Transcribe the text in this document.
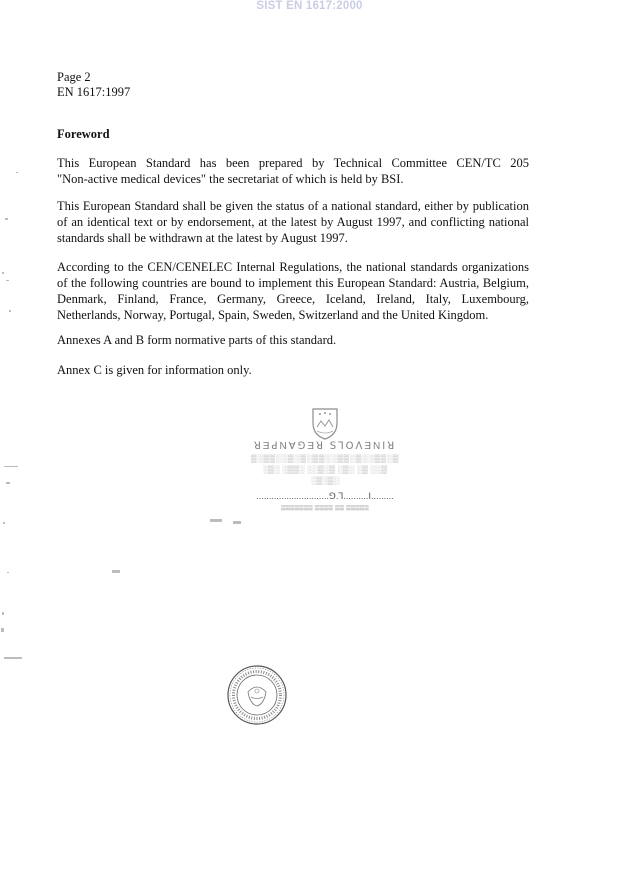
SIST EN 1617:2000
Page 2
EN 1617:1997
Foreword

This European Standard has been prepared by Technical Committee CEN/TC 205
"Non-active medical devices" the secretariat of which is held by BSI.

This European Standard shall be given the status of a national standard, either by publication
of an identical text or by endorsement, at the latest by August 1997, and conflicting national
standards shall be withdrawn at the latest by August 1997.

According to the CEN/CENELEC Internal Regulations, the national standards organizations
of the following countries are bound to implement this European Standard: Austria, Belgium,
Denmark, Finland, France, Germany, Greece, Iceland, Ireland, Italy, Luxembourg,
Netherlands, Norway, Portugal, Spain, Sweden, Switzerland and the United Kingdom.

Annexes A and B form normative parts of this standard.

Annex C is given for information only.

ꓤƎꓒNⱯꓨƎꓤ ꓢꓶꓳꓥƎNꓲꓤ
▒░▒▒░░▒░▒░▒▒░░▒▒░▒░░▒▒░▒
░▒░ ░▒▒░ ░░▒░▒ ░▒░ ░▒ ░░▒
░▒░▒░
.............................ꓨ.ꓶ..........ꓲ.........
▒▒▒▒▒▒▒ ▒▒▒▒ ▒▒ ▒▒▒▒▒
